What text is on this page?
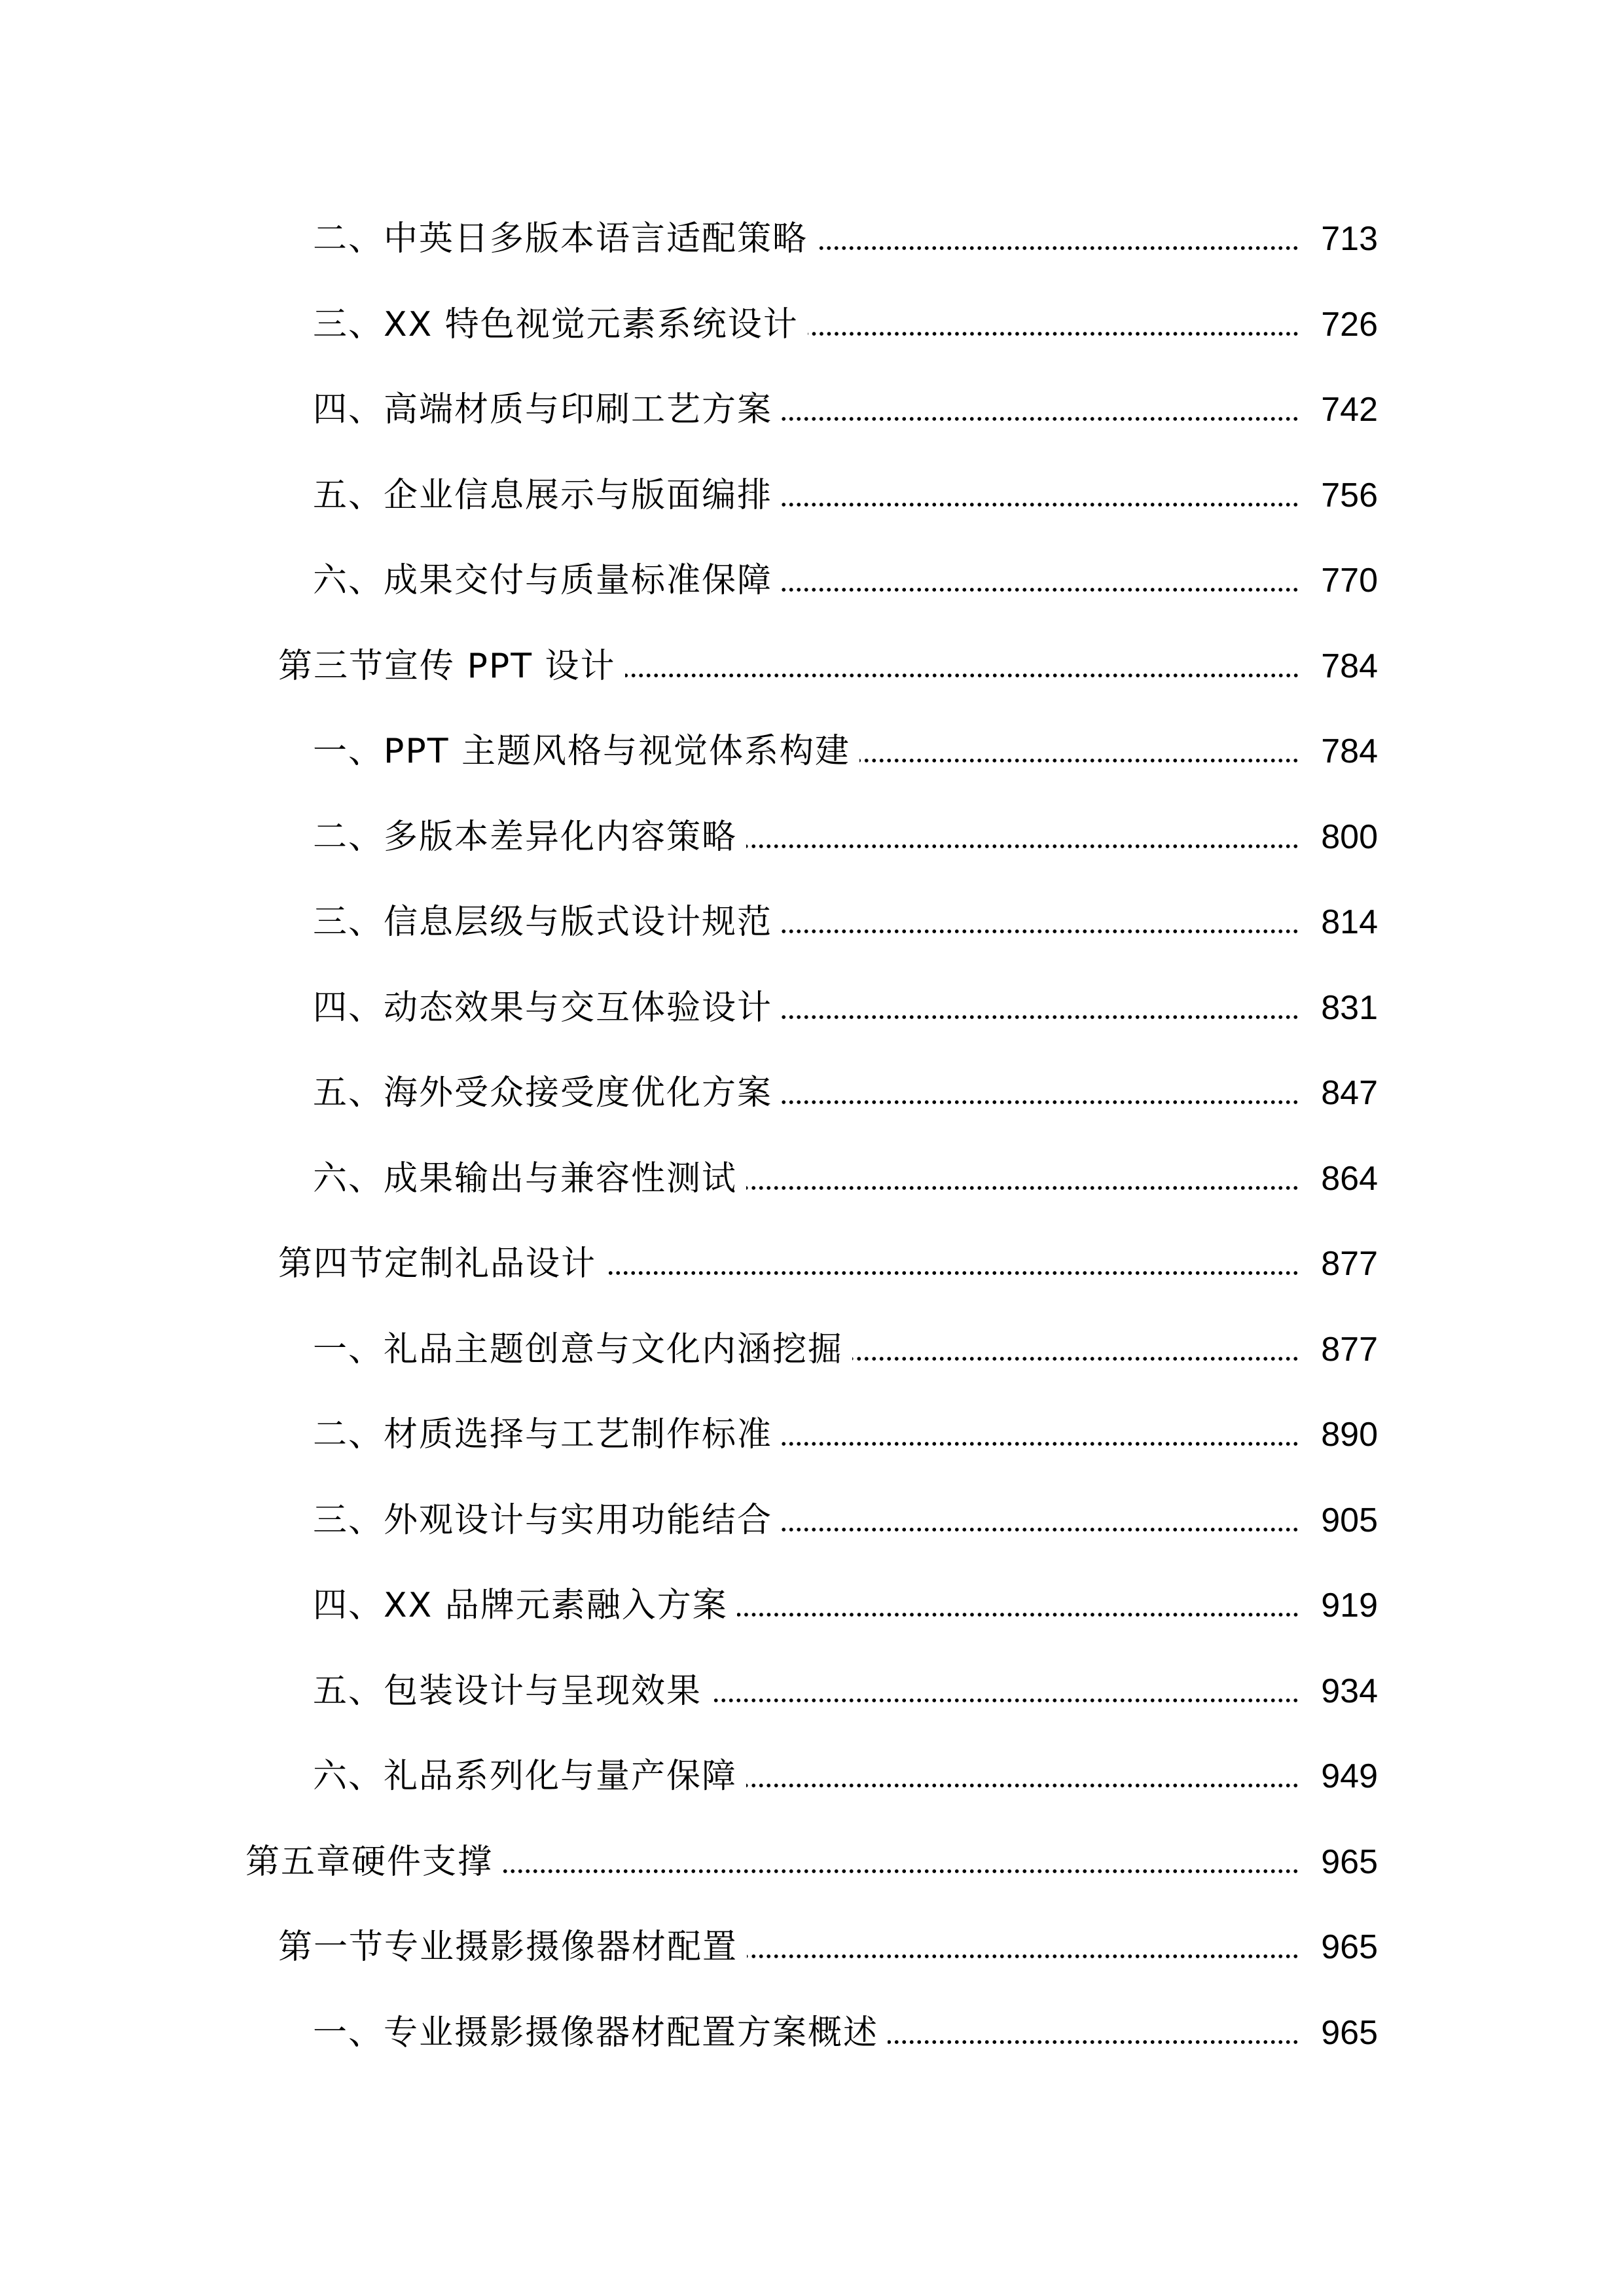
二、中英日多版本语言适配策略	713
三、XX 特色视觉元素系统设计	726
四、高端材质与印刷工艺方案	742
五、企业信息展示与版面编排	756
六、成果交付与质量标准保障	770
第三节宣传 PPT 设计	784
一、PPT 主题风格与视觉体系构建	784
二、多版本差异化内容策略	800
三、信息层级与版式设计规范	814
四、动态效果与交互体验设计	831
五、海外受众接受度优化方案	847
六、成果输出与兼容性测试	864
第四节定制礼品设计	877
一、礼品主题创意与文化内涵挖掘	877
二、材质选择与工艺制作标准	890
三、外观设计与实用功能结合	905
四、XX 品牌元素融入方案	919
五、包装设计与呈现效果	934
六、礼品系列化与量产保障	949
第五章硬件支撑	965
第一节专业摄影摄像器材配置	965
一、专业摄影摄像器材配置方案概述	965
